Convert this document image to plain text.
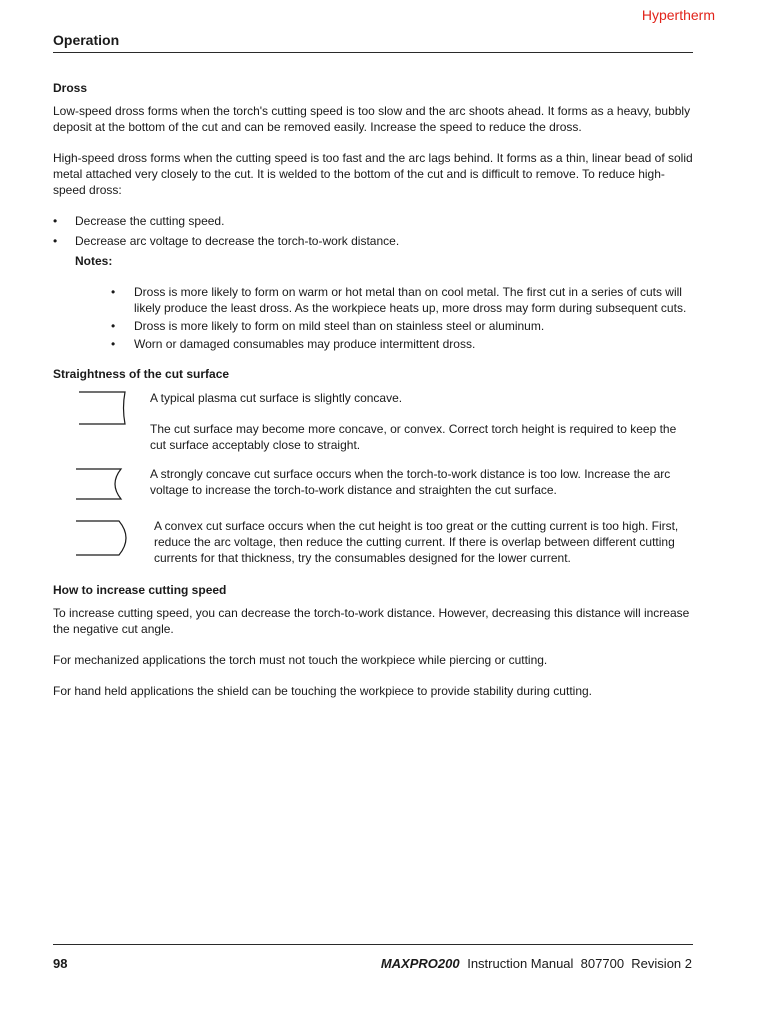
Hypertherm
Operation
Dross

Low-speed dross forms when the torch's cutting speed is too slow and the arc shoots ahead. It forms as a heavy, bubbly deposit at the bottom of the cut and can be removed easily. Increase the speed to reduce the dross.

High-speed dross forms when the cutting speed is too fast and the arc lags behind. It forms as a thin, linear bead of solid metal attached very closely to the cut. It is welded to the bottom of the cut and is difficult to remove. To reduce high-speed dross:

• Decrease the cutting speed.
• Decrease arc voltage to decrease the torch-to-work distance.
Notes:
• Dross is more likely to form on warm or hot metal than on cool metal. The first cut in a series of cuts will likely produce the least dross. As the workpiece heats up, more dross may form during subsequent cuts.
• Dross is more likely to form on mild steel than on stainless steel or aluminum.
• Worn or damaged consumables may produce intermittent dross.
Straightness of the cut surface

A typical plasma cut surface is slightly concave.

The cut surface may become more concave, or convex. Correct torch height is required to keep the cut surface acceptably close to straight.

A strongly concave cut surface occurs when the torch-to-work distance is too low. Increase the arc voltage to increase the torch-to-work distance and straighten the cut surface.

A convex cut surface occurs when the cut height is too great or the cutting current is too high. First, reduce the arc voltage, then reduce the cutting current. If there is overlap between different cutting currents for that thickness, try the consumables designed for the lower current.

How to increase cutting speed

To increase cutting speed, you can decrease the torch-to-work distance. However, decreasing this distance will increase the negative cut angle.

For mechanized applications the torch must not touch the workpiece while piercing or cutting.

For hand held applications the shield can be touching the workpiece to provide stability during cutting.

98	MAXPRO200 Instruction Manual 807700 Revision 2
